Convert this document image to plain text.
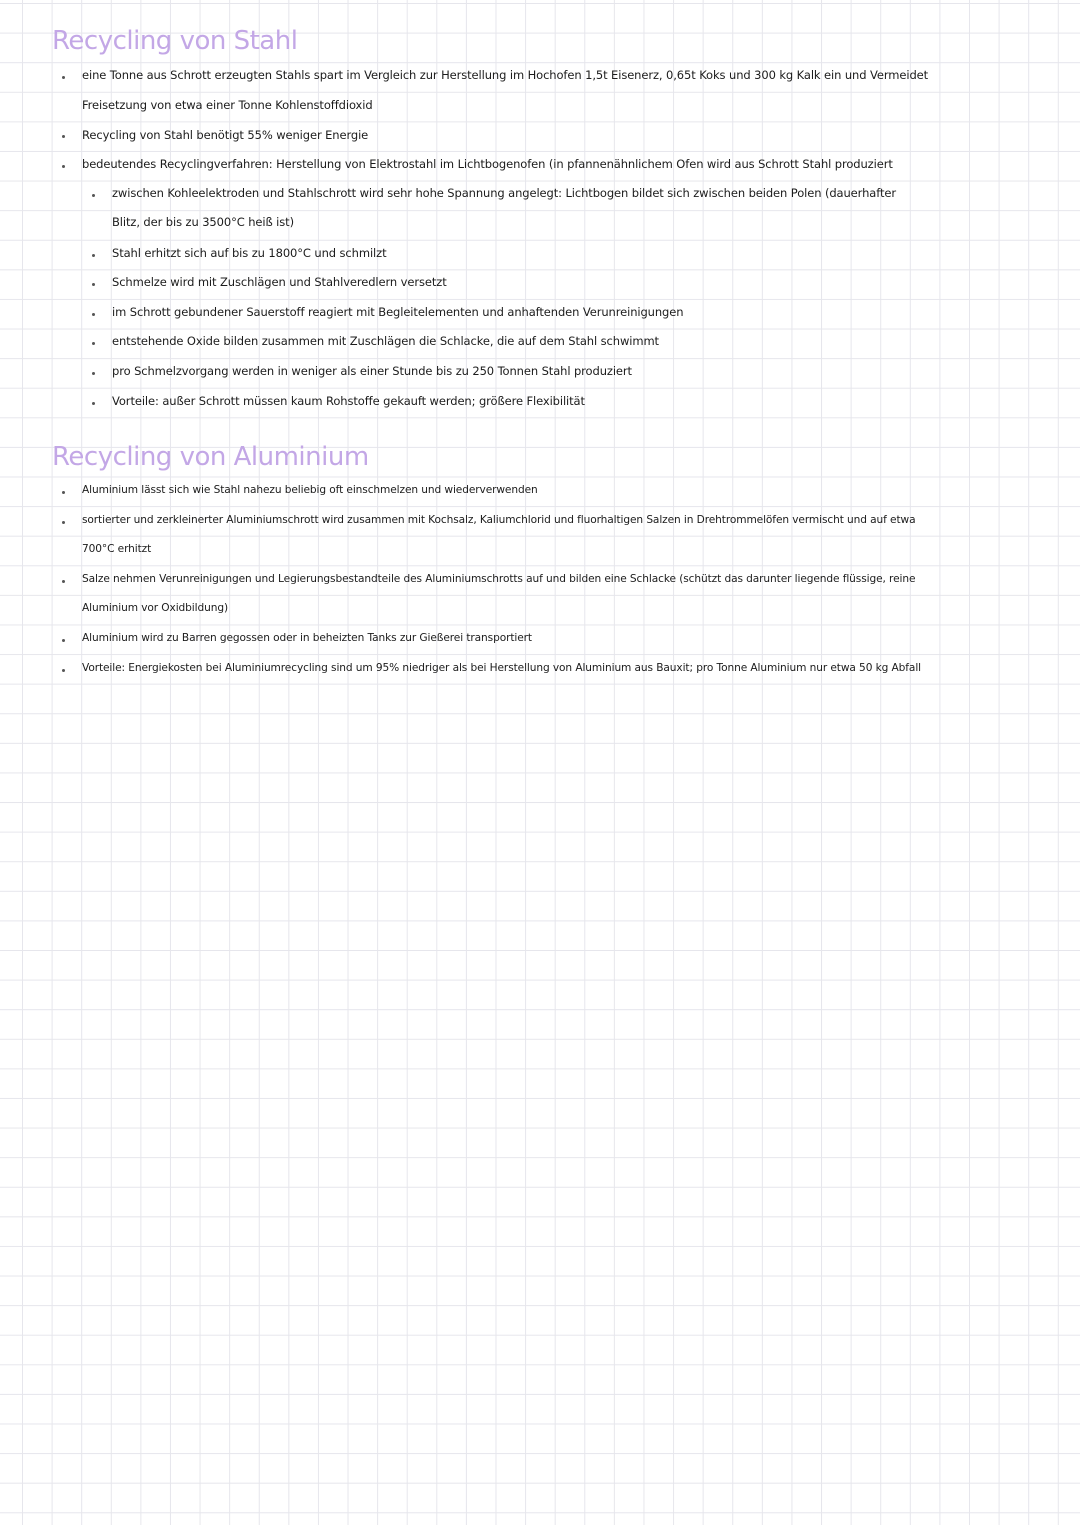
Recycling von Stahl
eine Tonne aus Schrott erzeugten Stahls spart im Vergleich zur Herstellung im Hochofen 1,5t Eisenerz, 0,65t Koks und 300 kg Kalk ein und Vermeidet
Freisetzung von etwa einer Tonne Kohlenstoffdioxid
Recycling von Stahl benötigt 55% weniger Energie
bedeutendes Recyclingverfahren: Herstellung von Elektrostahl im Lichtbogenofen (in pfannenähnlichem Ofen wird aus Schrott Stahl produziert
zwischen Kohleelektroden und Stahlschrott wird sehr hohe Spannung angelegt: Lichtbogen bildet sich zwischen beiden Polen (dauerhafter
Blitz, der bis zu 3500°C heiß ist)
Stahl erhitzt sich auf bis zu 1800°C und schmilzt
Schmelze wird mit Zuschlägen und Stahlveredlern versetzt
im Schrott gebundener Sauerstoff reagiert mit Begleitelementen und anhaftenden Verunreinigungen
entstehende Oxide bilden zusammen mit Zuschlägen die Schlacke, die auf dem Stahl schwimmt
pro Schmelzvorgang werden in weniger als einer Stunde bis zu 250 Tonnen Stahl produziert
Vorteile: außer Schrott müssen kaum Rohstoffe gekauft werden; größere Flexibilität
Recycling von Aluminium
Aluminium lässt sich wie Stahl nahezu beliebig oft einschmelzen und wiederverwenden
sortierter und zerkleinerter Aluminiumschrott wird zusammen mit Kochsalz, Kaliumchlorid und fluorhaltigen Salzen in Drehtrommelöfen vermischt und auf etwa
700°C erhitzt
Salze nehmen Verunreinigungen und Legierungsbestandteile des Aluminiumschrotts auf und bilden eine Schlacke (schützt das darunter liegende flüssige, reine
Aluminium vor Oxidbildung)
Aluminium wird zu Barren gegossen oder in beheizten Tanks zur Gießerei transportiert
Vorteile: Energiekosten bei Aluminiumrecycling sind um 95% niedriger als bei Herstellung von Aluminium aus Bauxit; pro Tonne Aluminium nur etwa 50 kg Abfall
